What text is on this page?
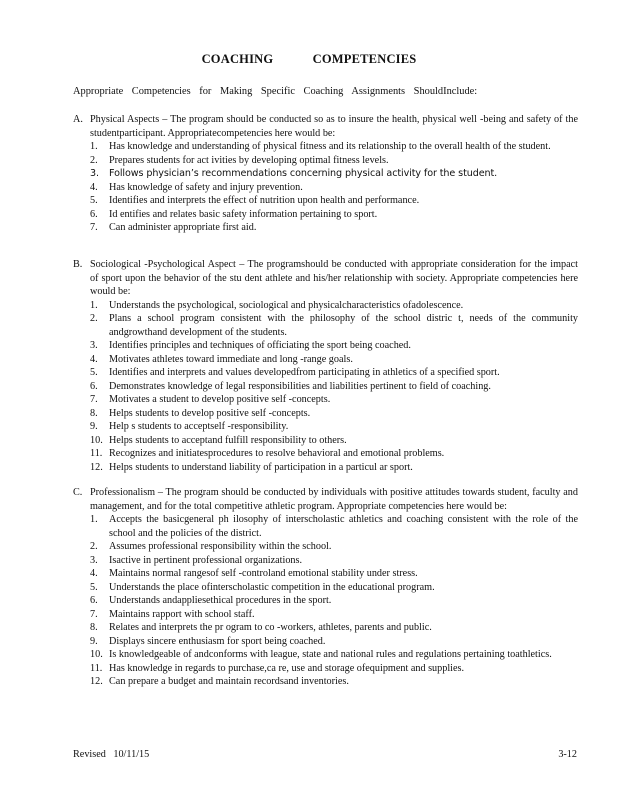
COACHING COMPETENCIES
Appropriate Competencies for Making Specific Coaching Assignments ShouldInclude:
A. Physical Aspects – The program should be conducted so as to insure the health, physical well -being and safety of the studentparticipant. Appropriatecompetencies here would be:
1. Has knowledge and understanding of physical fitness and its relationship to the overall health of the student.
2. Prepares students for act ivities by developing optimal fitness levels.
3. Follows physician’s recommendations concerning physical activity for the student.
4. Has knowledge of safety and injury prevention.
5. Identifies and interprets the effect of nutrition upon health and performance.
6. Id entifies and relates basic safety information pertaining to sport.
7. Can administer appropriate first aid.
B. Sociological -Psychological Aspect – The programshould be conducted with appropriate consideration for the impact of sport upon the behavior of the stu dent athlete and his/her relationship with society. Appropriate competencies here would be:
1. Understands the psychological, sociological and physicalcharacteristics ofadolescence.
2. Plans a school program consistent with the philosophy of the school distric t, needs of the community andgrowthand development of the students.
3. Identifies principles and techniques of officiating the sport being coached.
4. Motivates athletes toward immediate and long -range goals.
5. Identifies and interprets and values developedfrom participating in athletics of a specified sport.
6. Demonstrates knowledge of legal responsibilities and liabilities pertinent to field of coaching.
7. Motivates a student to develop positive self -concepts.
8. Helps students to develop positive self -concepts.
9. Help s students to acceptself -responsibility.
10. Helps students to acceptand fulfill responsibility to others.
11. Recognizes and initiatesprocedures to resolve behavioral and emotional problems.
12. Helps students to understand liability of participation in a particul ar sport.
C. Professionalism – The program should be conducted by individuals with positive attitudes towards student, faculty and management, and for the total competitive athletic program. Appropriate competencies here would be:
1. Accepts the basicgeneral ph ilosophy of interscholastic athletics and coaching consistent with the role of the school and the policies of the district.
2. Assumes professional responsibility within the school.
3. Isactive in pertinent professional organizations.
4. Maintains normal rangesof self -controland emotional stability under stress.
5. Understands the place ofinterscholastic competition in the educational program.
6. Understands andappliesethical procedures in the sport.
7. Maintains rapport with school staff.
8. Relates and interprets the pr ogram to co -workers, athletes, parents and public.
9. Displays sincere enthusiasm for sport being coached.
10. Is knowledgeable of andconforms with league, state and national rules and regulations pertaining toathletics.
11. Has knowledge in regards to purchase,ca re, use and storage ofequipment and supplies.
12. Can prepare a budget and maintain recordsand inventories.
Revised 10/11/15	3-12
